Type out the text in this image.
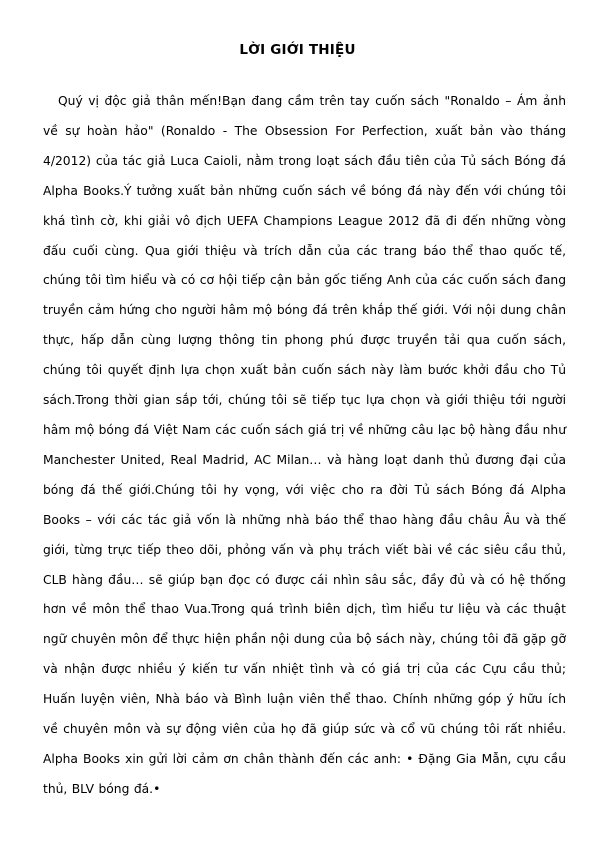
LỜI GIỚI THIỆU

Quý vị độc giả thân mến!Bạn đang cầm trên tay cuốn sách "Ronaldo – Ám ảnh về sự hoàn hảo" (Ronaldo - The Obsession For Perfection, xuất bản vào tháng 4/2012) của tác giả Luca Caioli, nằm trong loạt sách đầu tiên của Tủ sách Bóng đá Alpha Books.Ý tưởng xuất bản những cuốn sách về bóng đá này đến với chúng tôi khá tình cờ, khi giải vô địch UEFA Champions League 2012 đã đi đến những vòng đấu cuối cùng. Qua giới thiệu và trích dẫn của các trang báo thể thao quốc tế, chúng tôi tìm hiểu và có cơ hội tiếp cận bản gốc tiếng Anh của các cuốn sách đang truyền cảm hứng cho người hâm mộ bóng đá trên khắp thế giới. Với nội dung chân thực, hấp dẫn cùng lượng thông tin phong phú được truyền tải qua cuốn sách, chúng tôi quyết định lựa chọn xuất bản cuốn sách này làm bước khởi đầu cho Tủ sách.Trong thời gian sắp tới, chúng tôi sẽ tiếp tục lựa chọn và giới thiệu tới người hâm mộ bóng đá Việt Nam các cuốn sách giá trị về những câu lạc bộ hàng đầu như Manchester United, Real Madrid, AC Milan… và hàng loạt danh thủ đương đại của bóng đá thế giới.Chúng tôi hy vọng, với việc cho ra đời Tủ sách Bóng đá Alpha Books – với các tác giả vốn là những nhà báo thể thao hàng đầu châu Âu và thế giới, từng trực tiếp theo dõi, phỏng vấn và phụ trách viết bài về các siêu cầu thủ, CLB hàng đầu… sẽ giúp bạn đọc có được cái nhìn sâu sắc, đầy đủ và có hệ thống hơn về môn thể thao Vua.Trong quá trình biên dịch, tìm hiểu tư liệu và các thuật ngữ chuyên môn để thực hiện phần nội dung của bộ sách này, chúng tôi đã gặp gỡ và nhận được nhiều ý kiến tư vấn nhiệt tình và có giá trị của các Cựu cầu thủ; Huấn luyện viên, Nhà báo và Bình luận viên thể thao. Chính những góp ý hữu ích về chuyên môn và sự động viên của họ đã giúp sức và cổ vũ chúng tôi rất nhiều. Alpha Books xin gửi lời cảm ơn chân thành đến các anh: • Đặng Gia Mẫn, cựu cầu thủ, BLV bóng đá.•
